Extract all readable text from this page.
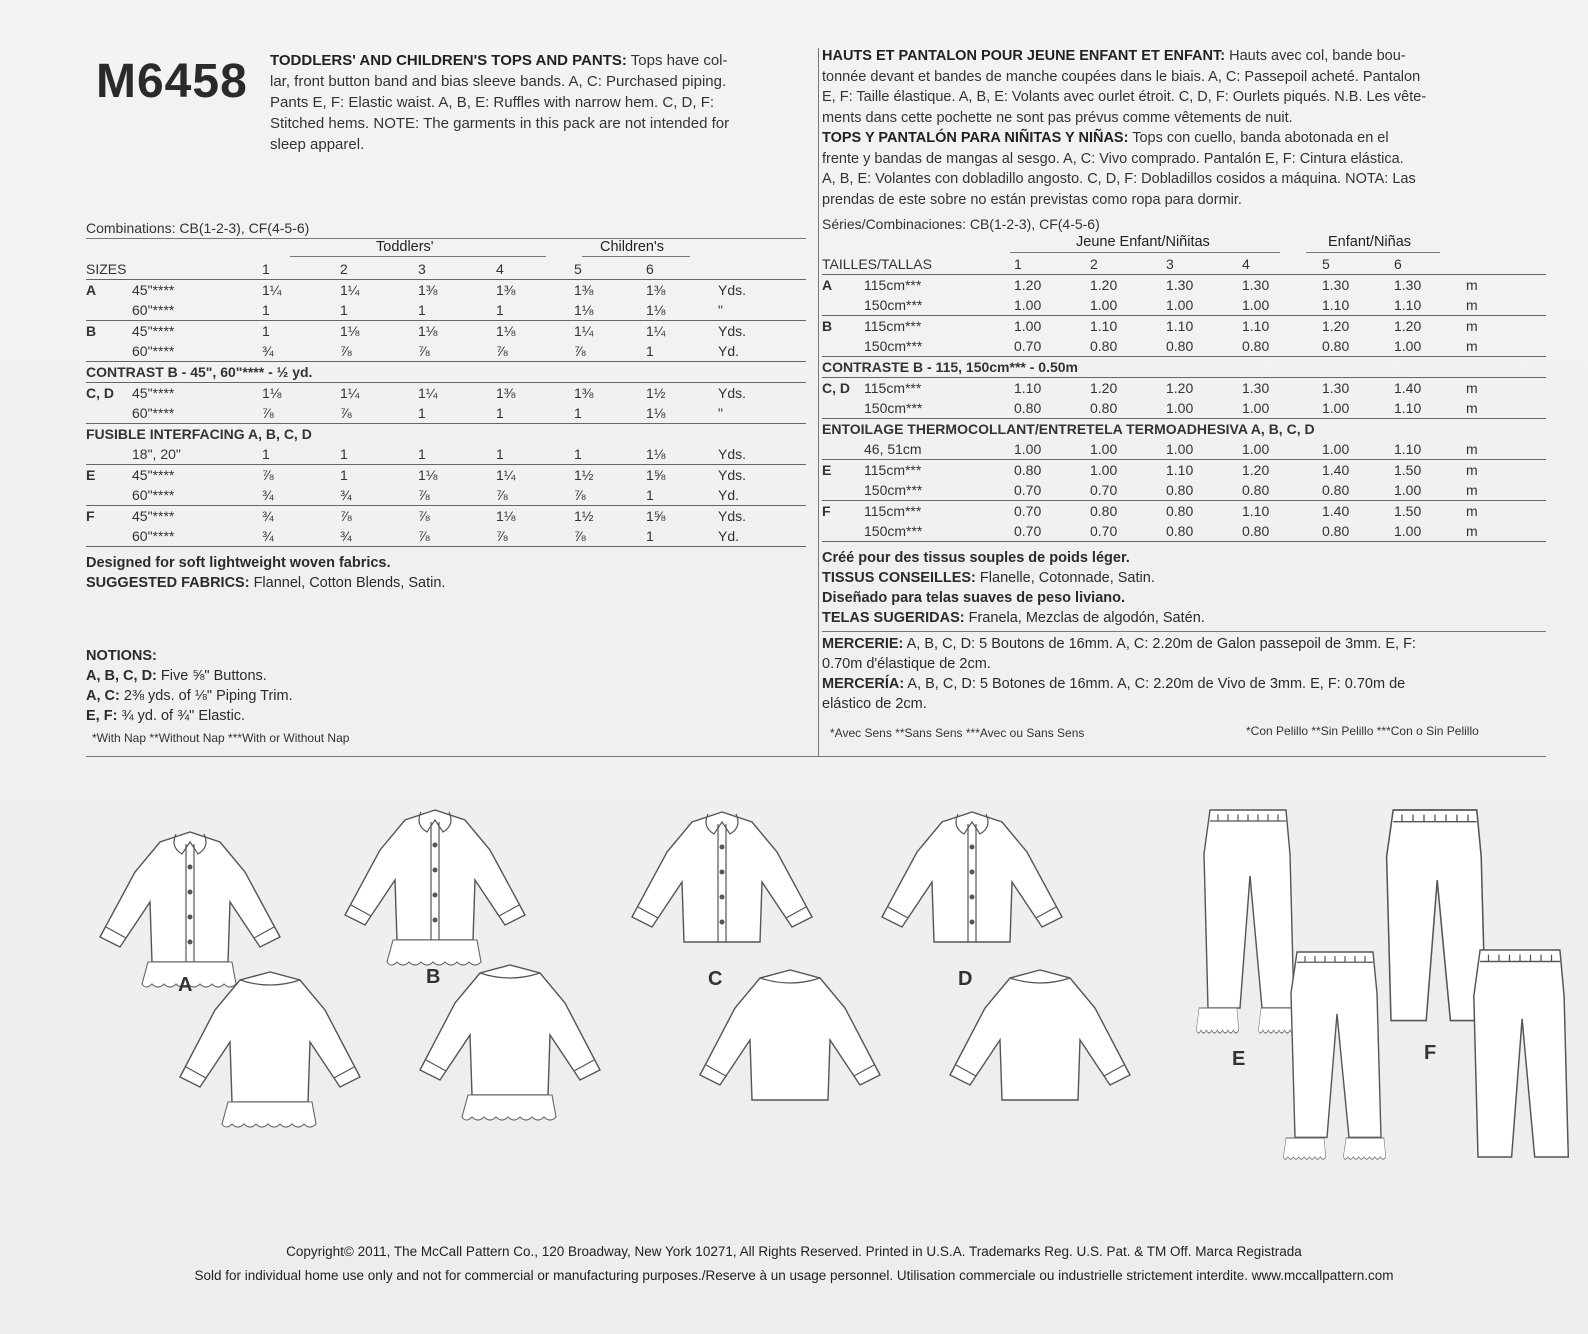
M6458 TODDLERS' AND CHILDREN'S TOPS AND PANTS: Tops have col-
lar, front button band and bias sleeve bands. A, C: Purchased piping.
Pants E, F: Elastic waist. A, B, E: Ruffles with narrow hem. C, D, F:
Stitched hems. NOTE: The garments in this pack are not intended for
sleep apparel.
HAUTS ET PANTALON POUR JEUNE ENFANT ET ENFANT: Hauts avec col, bande bou-
tonnée devant et bandes de manche coupées dans le biais. A, C: Passepoil acheté. Pantalon
E, F: Taille élastique. A, B, E: Volants avec ourlet étroit. C, D, F: Ourlets piqués. N.B. Les vête-
ments dans cette pochette ne sont pas prévus comme vêtements de nuit.
TOPS Y PANTALÓN PARA NIÑITAS Y NIÑAS: Tops con cuello, banda abotonada en el
frente y bandas de mangas al sesgo. A, C: Vivo comprado. Pantalón E, F: Cintura elástica.
A, B, E: Volantes con dobladillo angosto. C, D, F: Dobladillos cosidos a máquina. NOTA: Las
prendas de este sobre no están previstas como ropa para dormir.
Combinations: CB(1-2-3), CF(4-5-6)
Toddlers'	Children's
SIZES		1	2	3	4	5	6	
A	45"****	1¼	1¼	1⅜	1⅜	1⅜	1⅜	Yds.
	60"****	1	1	1	1	1⅛	1⅛	"
B	45"****	1	1⅛	1⅛	1⅛	1¼	1¼	Yds.
	60"****	¾	⅞	⅞	⅞	⅞	1	Yd.
CONTRAST B - 45", 60"**** - ½ yd.								
C, D	45"****	1⅛	1¼	1¼	1⅜	1⅜	1½	Yds.
	60"****	⅞	⅞	1	1	1	1⅛	"
FUSIBLE INTERFACING A, B, C, D								
	18", 20"	1	1	1	1	1	1⅛	Yds.
E	45"****	⅞	1	1⅛	1¼	1½	1⅝	Yds.
	60"****	¾	¾	⅞	⅞	⅞	1	Yd.
F	45"****	¾	⅞	⅞	1⅛	1½	1⅝	Yds.
	60"****	¾	¾	⅞	⅞	⅞	1	Yd.
Séries/Combinaciones: CB(1-2-3), CF(4-5-6)
Jeune Enfant/Niñitas	Enfant/Niñas
TAILLES/TALLAS		1	2	3	4	5	6	
A	115cm***	1.20	1.20	1.30	1.30	1.30	1.30	m
	150cm***	1.00	1.00	1.00	1.00	1.10	1.10	m
B	115cm***	1.00	1.10	1.10	1.10	1.20	1.20	m
	150cm***	0.70	0.80	0.80	0.80	0.80	1.00	m
CONTRASTE B - 115, 150cm*** - 0.50m								
C, D	115cm***	1.10	1.20	1.20	1.30	1.30	1.40	m
	150cm***	0.80	0.80	1.00	1.00	1.00	1.10	m
ENTOILAGE THERMOCOLLANT/ENTRETELA TERMOADHESIVA A, B, C, D								
	46, 51cm	1.00	1.00	1.00	1.00	1.00	1.10	m
E	115cm***	0.80	1.00	1.10	1.20	1.40	1.50	m
	150cm***	0.70	0.70	0.80	0.80	0.80	1.00	m
F	115cm***	0.70	0.80	0.80	1.10	1.40	1.50	m
	150cm***	0.70	0.70	0.80	0.80	0.80	1.00	m
Designed for soft lightweight woven fabrics.
SUGGESTED FABRICS: Flannel, Cotton Blends, Satin.
NOTIONS:
A, B, C, D: Five ⅝" Buttons.
A, C: 2⅜ yds. of ⅛" Piping Trim.
E, F: ¾ yd. of ¾" Elastic.
*With Nap **Without Nap ***With or Without Nap
Créé pour des tissus souples de poids léger.
TISSUS CONSEILLES: Flanelle, Cotonnade, Satin.
Diseñado para telas suaves de peso liviano.
TELAS SUGERIDAS: Franela, Mezclas de algodón, Satén.
MERCERIE: A, B, C, D: 5 Boutons de 16mm. A, C: 2.20m de Galon passepoil de 3mm. E, F:
0.70m d'élastique de 2cm.
MERCERÍA: A, B, C, D: 5 Botones de 16mm. A, C: 2.20m de Vivo de 3mm. E, F: 0.70m de
elástico de 2cm.
*Avec Sens **Sans Sens ***Avec ou Sans Sens	*Con Pelillo **Sin Pelillo ***Con o Sin Pelillo
A	B	C	D
E	F
Copyright© 2011, The McCall Pattern Co., 120 Broadway, New York 10271, All Rights Reserved. Printed in U.S.A. Trademarks Reg. U.S. Pat. & TM Off. Marca Registrada
Sold for individual home use only and not for commercial or manufacturing purposes./Reserve à un usage personnel. Utilisation commerciale ou industrielle strictement interdite. www.mccallpattern.com
